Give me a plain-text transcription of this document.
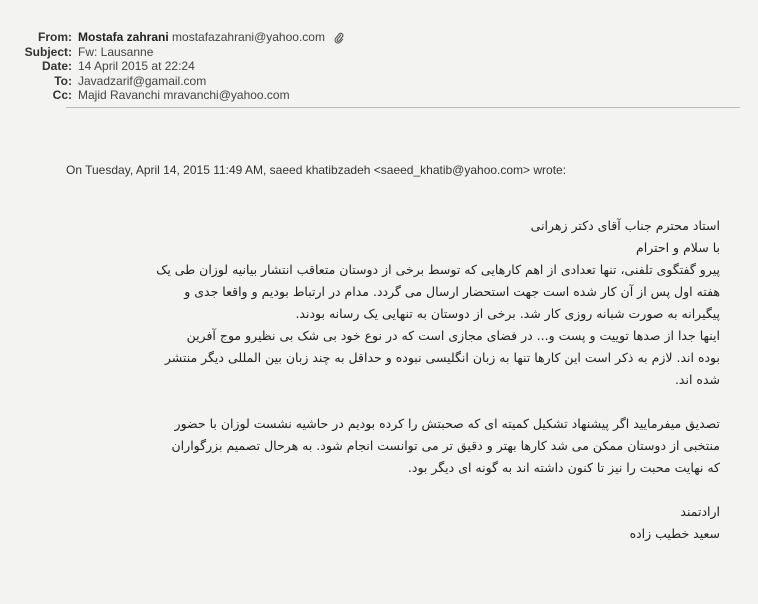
From: Mostafa zahrani mostafazahrani@yahoo.com
Subject: Fw: Lausanne
Date: 14 April 2015 at 22:24
To: Javadzarif@gamail.com
Cc: Majid Ravanchi mravanchi@yahoo.com
On Tuesday, April 14, 2015 11:49 AM, saeed khatibzadeh <saeed_khatib@yahoo.com> wrote:
استاد محترم جناب آقای دکتر زهرانی
با سلام و احترام
پیرو گفتگوی تلفنی، تنها تعدادی از اهم کارهایی که توسط برخی از دوستان متعاقب انتشار بیانیه لوزان طی یک
هفته اول پس از آن کار شده است جهت استحضار ارسال می گردد. مدام در ارتباط بودیم و واقعا جدی و
پیگیرانه به صورت شبانه روزی کار شد. برخی از دوستان به تنهایی یک رسانه بودند.
اینها جدا از صدها توییت و پست و... در فضای مجازی است که در نوع خود بی شک بی نظیرو موج آفرین
بوده اند. لازم به ذکر است این کارها تنها به زبان انگلیسی نبوده و حداقل به چند زبان بین المللی دیگر منتشر
شده اند.
تصدیق میفرمایید اگر پیشنهاد تشکیل کمیته ای که صحبتش را کرده بودیم در حاشیه نشست لوزان با حضور
منتخبی از دوستان ممکن می شد کارها بهتر و دقیق تر می توانست انجام شود. به هرحال تصمیم بزرگواران
که نهایت محبت را نیز تا کنون داشته اند به گونه ای دیگر بود.
ارادتمند
سعید خطیب زاده
